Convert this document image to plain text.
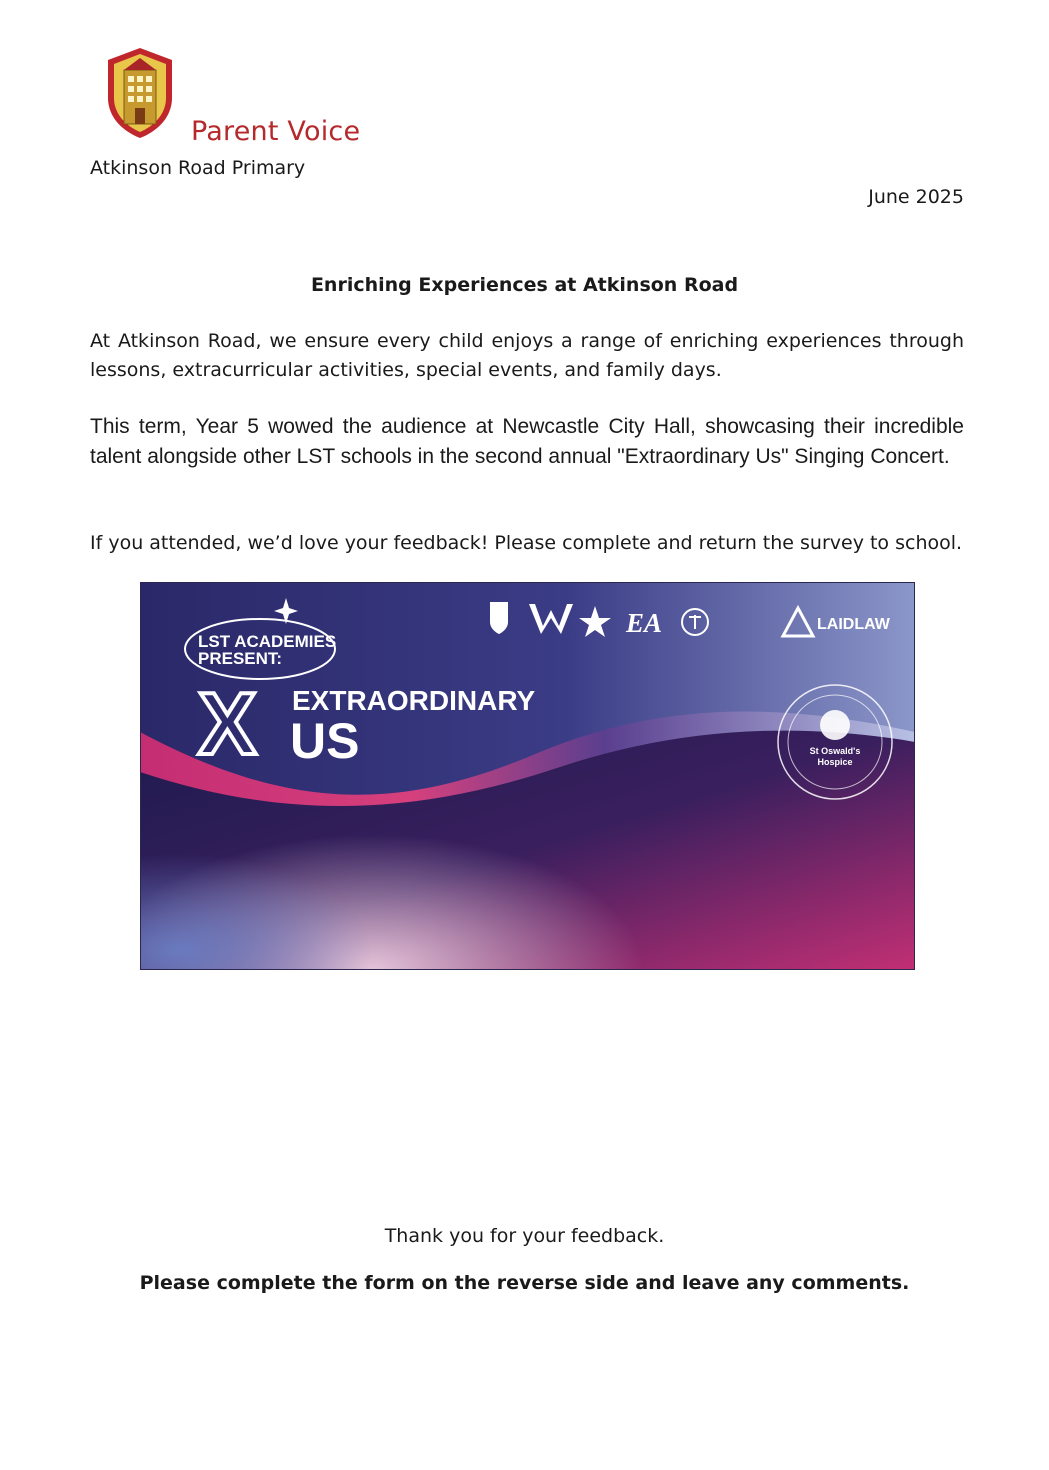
Parent Voice
Atkinson Road Primary
June 2025
Enriching Experiences at Atkinson Road
At Atkinson Road, we ensure every child enjoys a range of enriching experiences through lessons, extracurricular activities, special events, and family days.
This term, Year 5 wowed the audience at Newcastle City Hall, showcasing their incredible talent alongside other LST schools in the second annual "Extraordinary Us" Singing Concert.
If you attended, we’d love your feedback! Please complete and return the survey to school.
LST ACADEMIES
PRESENT:
X EXTRAORDINARY
US
EA	LAIDLAW
St Oswald's
Hospice
Thank you for your feedback.
Please complete the form on the reverse side and leave any comments.
